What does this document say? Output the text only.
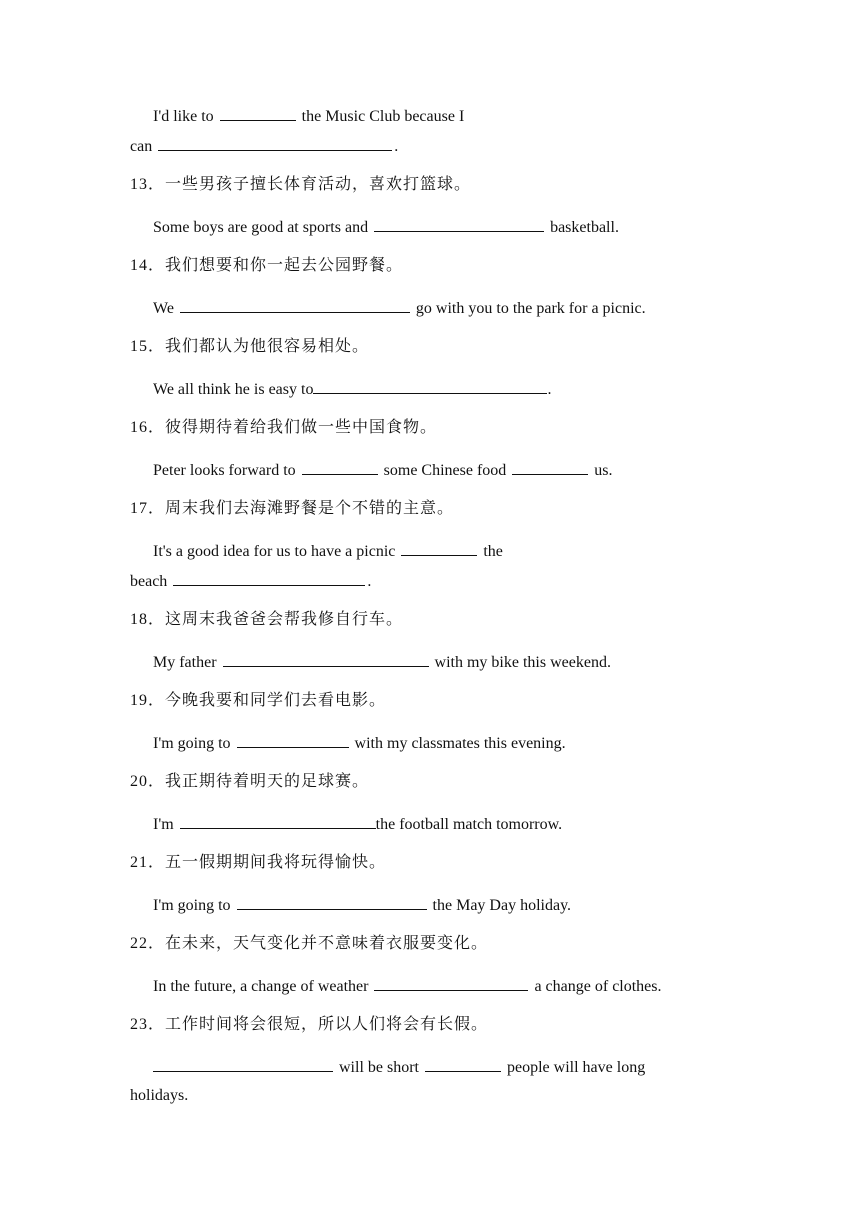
I'd like to	the Music Club because I
can	.
13．一些男孩子擅长体育活动，喜欢打篮球。
Some boys are good at sports and	basketball.
14．我们想要和你一起去公园野餐。
We	go with you to the park for a picnic.
15．我们都认为他很容易相处。
We all think he is easy to	.
16．彼得期待着给我们做一些中国食物。
Peter looks forward to	some Chinese food	us.
17．周末我们去海滩野餐是个不错的主意。
It's a good idea for us to have a picnic	the
beach	.
18．这周末我爸爸会帮我修自行车。
My father	with my bike this weekend.
19．今晚我要和同学们去看电影。
I'm going to	with my classmates this evening.
20．我正期待着明天的足球赛。
I'm	the football match tomorrow.
21．五一假期期间我将玩得愉快。
I'm going to	the May Day holiday.
22．在未来，天气变化并不意味着衣服要变化。
In the future, a change of weather	a change of clothes.
23．工作时间将会很短，所以人们将会有长假。
will be short	people will have long
holidays.
